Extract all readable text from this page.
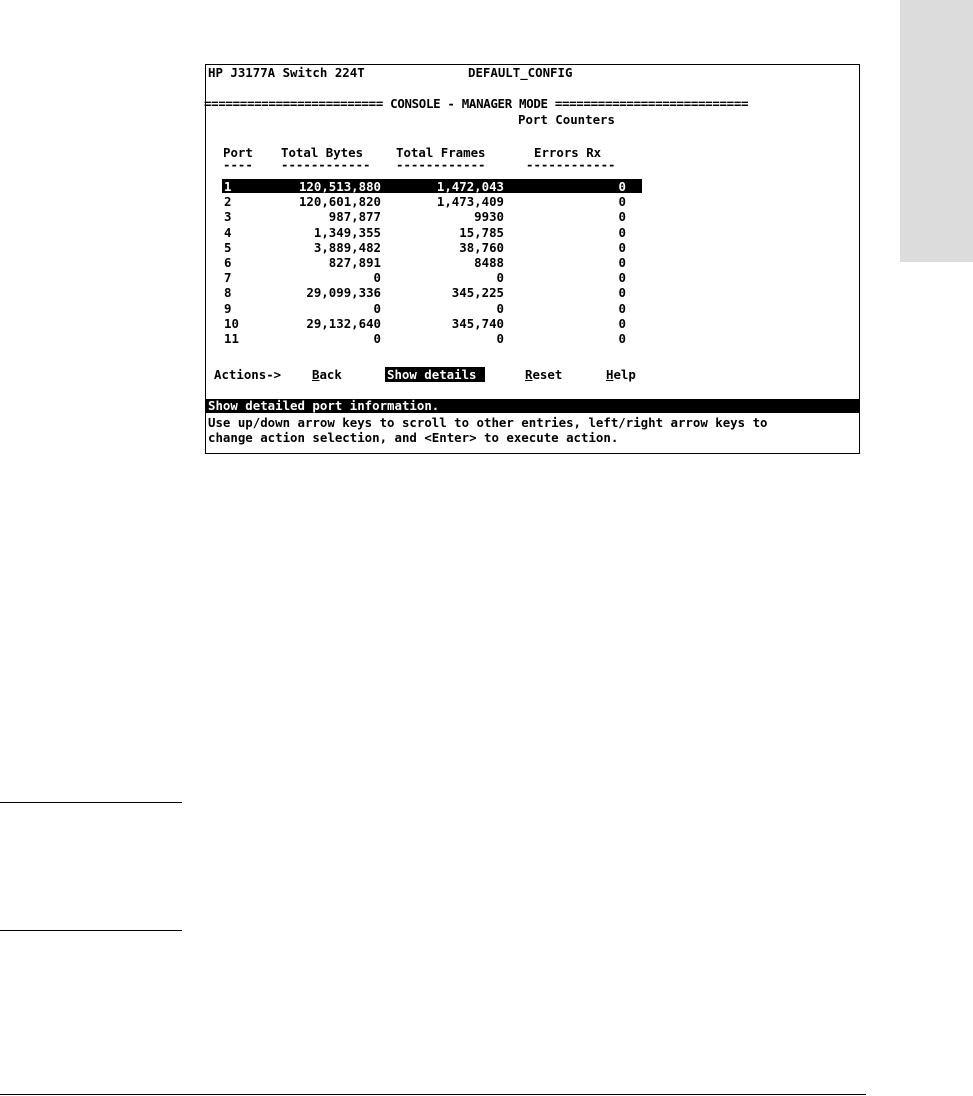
HP J3177A Switch 224T	DEFAULT_CONFIG
========================= CONSOLE - MANAGER MODE ===========================
Port Counters
Port Total Bytes	Total Frames	Errors Rx
---- ------------ ------------	------------
1	120,513,880	1,472,043	0
2	120,601,820	1,473,409	0
3	987,877	9930	0
4	1,349,355	15,785	0
5	3,889,482	38,760	0
6	827,891	8488	0
7	0	0	0
8	29,099,336	345,225	0
9	0	0	0
10	29,132,640	345,740	0
11	0	0	0
Actions-> Back	Show details	Reset	Help
Show detailed port information.
Use up/down arrow keys to scroll to other entries, left/right arrow keys to
change action selection, and <Enter> to execute action.
